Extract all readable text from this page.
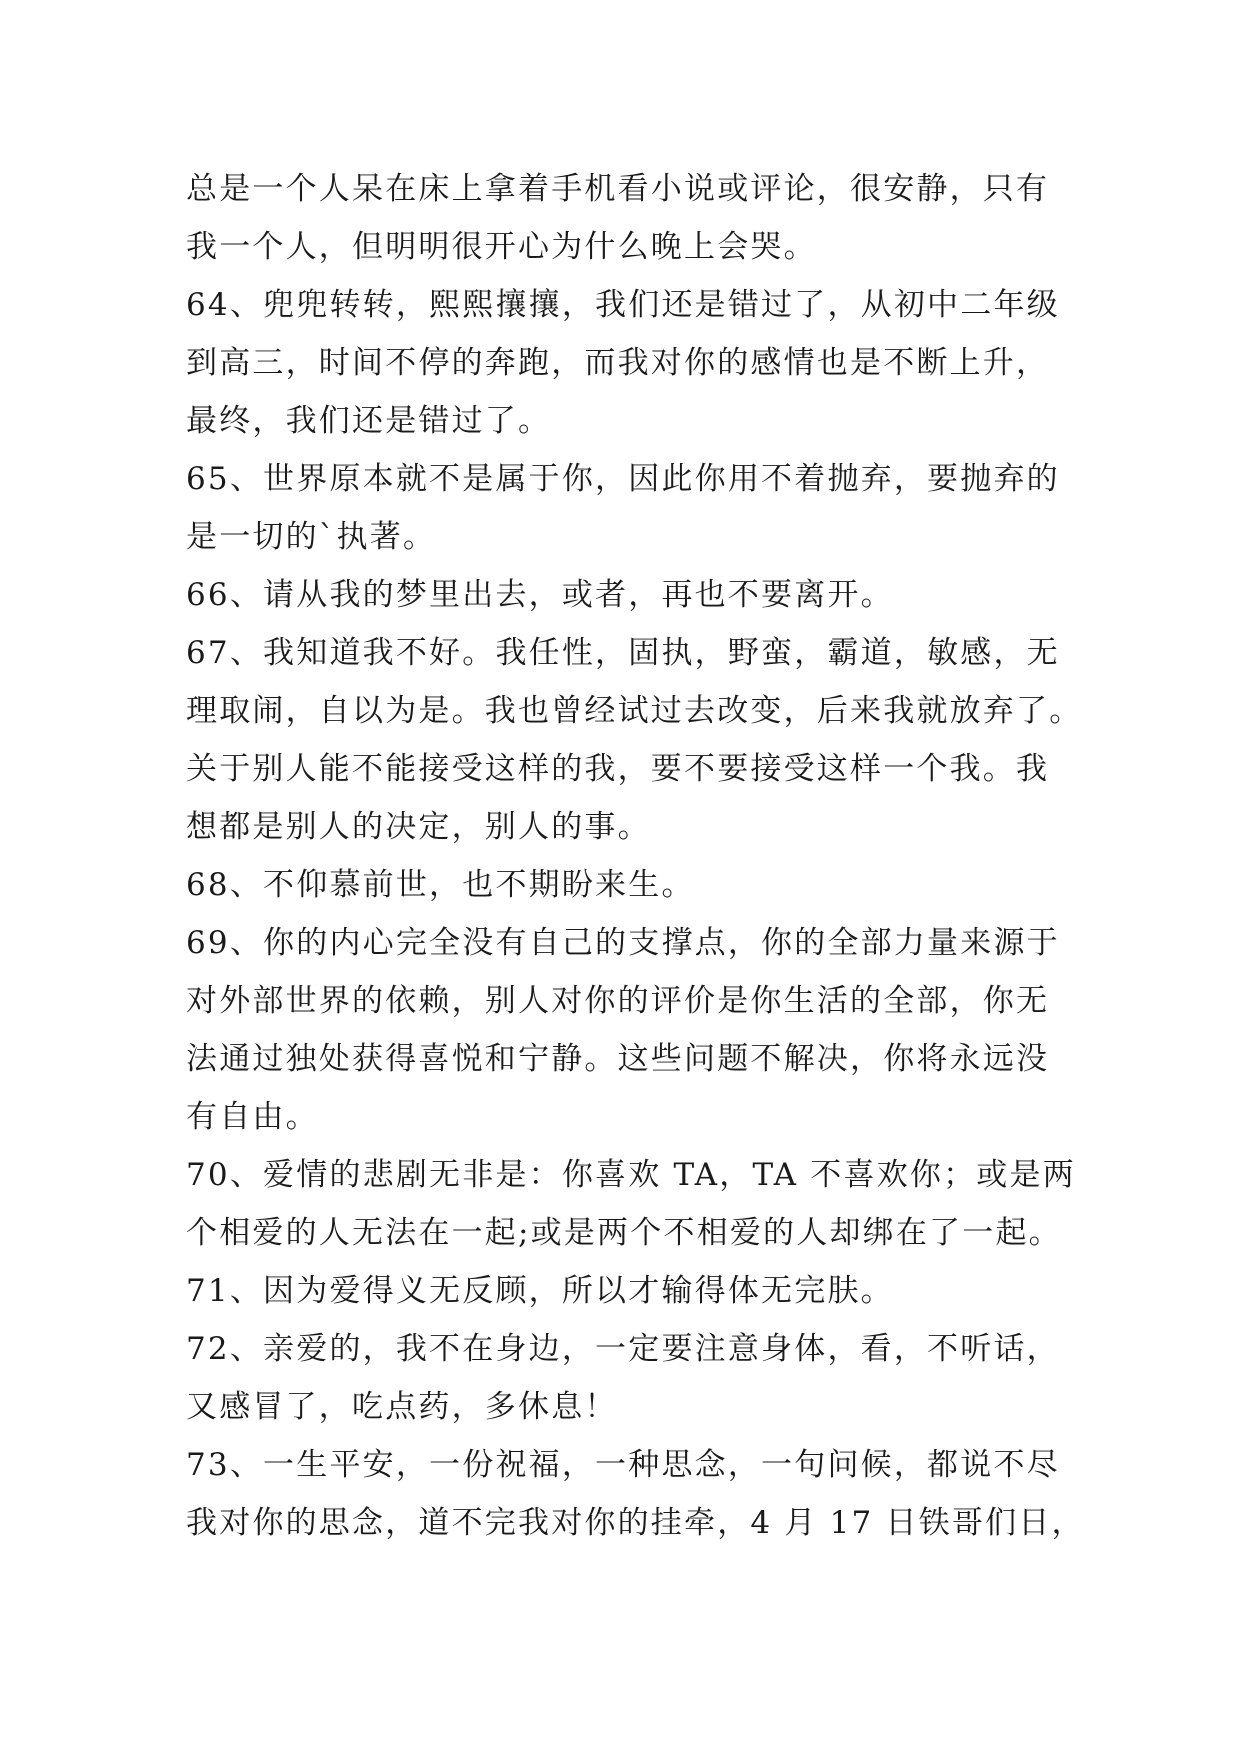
总是一个人呆在床上拿着手机看小说或评论，很安静，只有
我一个人，但明明很开心为什么晚上会哭。
64、兜兜转转，熙熙攘攘，我们还是错过了，从初中二年级
到高三，时间不停的奔跑，而我对你的感情也是不断上升，
最终，我们还是错过了。
65、世界原本就不是属于你，因此你用不着抛弃，要抛弃的
是一切的`执著。
66、请从我的梦里出去，或者，再也不要离开。
67、我知道我不好。我任性，固执，野蛮，霸道，敏感，无
理取闹，自以为是。我也曾经试过去改变，后来我就放弃了。
关于别人能不能接受这样的我，要不要接受这样一个我。我
想都是别人的决定，别人的事。
68、不仰慕前世，也不期盼来生。
69、你的内心完全没有自己的支撑点，你的全部力量来源于
对外部世界的依赖，别人对你的评价是你生活的全部，你无
法通过独处获得喜悦和宁静。这些问题不解决，你将永远没
有自由。
70、爱情的悲剧无非是：你喜欢 TA，TA 不喜欢你；或是两
个相爱的人无法在一起;或是两个不相爱的人却绑在了一起。
71、因为爱得义无反顾，所以才输得体无完肤。
72、亲爱的，我不在身边，一定要注意身体，看，不听话，
又感冒了，吃点药，多休息！
73、一生平安，一份祝福，一种思念，一句问候，都说不尽
我对你的思念，道不完我对你的挂牵，4 月 17 日铁哥们日，
